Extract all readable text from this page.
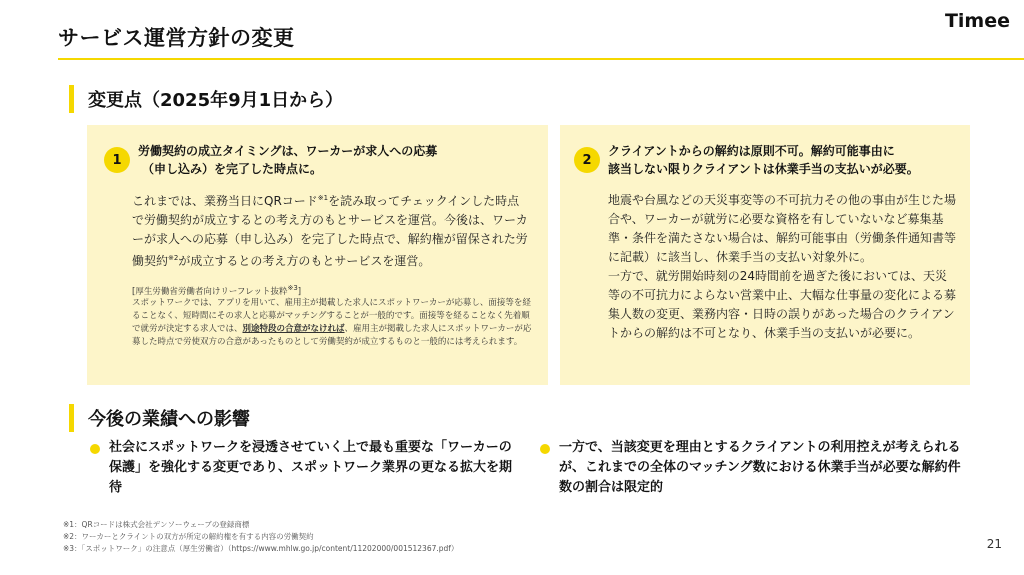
サービス運営方針の変更
Timee
変更点（2025年9月1日から）
1
労働契約の成立タイミングは、ワーカーが求人への応募
（申し込み）を完了した時点に。
これまでは、業務当日にQRコード$^{※1}$を読み取ってチェックインした時点で労働契約が成立するとの考え方のもとサービスを運営。今後は、ワーカーが求人への応募（申し込み）を完了した時点で、解約権が留保された労働契約$^{※2}$が成立するとの考え方のもとサービスを運営。
[厚生労働省労働者向けリーフレット抜粋$^{※3}$]
スポットワークでは、アプリを用いて、雇用主が掲載した求人にスポットワーカーが応募し、面接等を経ることなく、短時間にその求人と応募がマッチングすることが一般的です。面接等を経ることなく先着順で就労が決定する求人では、別途特段の合意がなければ、雇用主が掲載した求人にスポットワーカーが応募した時点で労使双方の合意があったものとして労働契約が成立するものと一般的には考えられます。
2
クライアントからの解約は原則不可。解約可能事由に
該当しない限りクライアントは休業手当の支払いが必要。
地震や台風などの天災事変等の不可抗力その他の事由が生じた場合や、ワーカーが就労に必要な資格を有していないなど募集基準・条件を満たさない場合は、解約可能事由（労働条件通知書等に記載）に該当し、休業手当の支払い対象外に。
一方で、就労開始時刻の24時間前を過ぎた後においては、天災等の不可抗力によらない営業中止、大幅な仕事量の変化による募集人数の変更、業務内容・日時の誤りがあった場合のクライアントからの解約は不可となり、休業手当の支払いが必要に。
今後の業績への影響
社会にスポットワークを浸透させていく上で最も重要な「ワーカーの保護」を強化する変更であり、スポットワーク業界の更なる拡大を期待
一方で、当該変更を理由とするクライアントの利用控えが考えられるが、これまでの全体のマッチング数における休業手当が必要な解約件数の割合は限定的
※1：QRコードは株式会社デンソーウェーブの登録商標
※2：ワーカーとクライントの双方が所定の解約権を有する内容の労働契約
※3：「スポットワーク」の注意点（厚生労働省）（https://www.mhlw.go.jp/content/11202000/001512367.pdf）	21
